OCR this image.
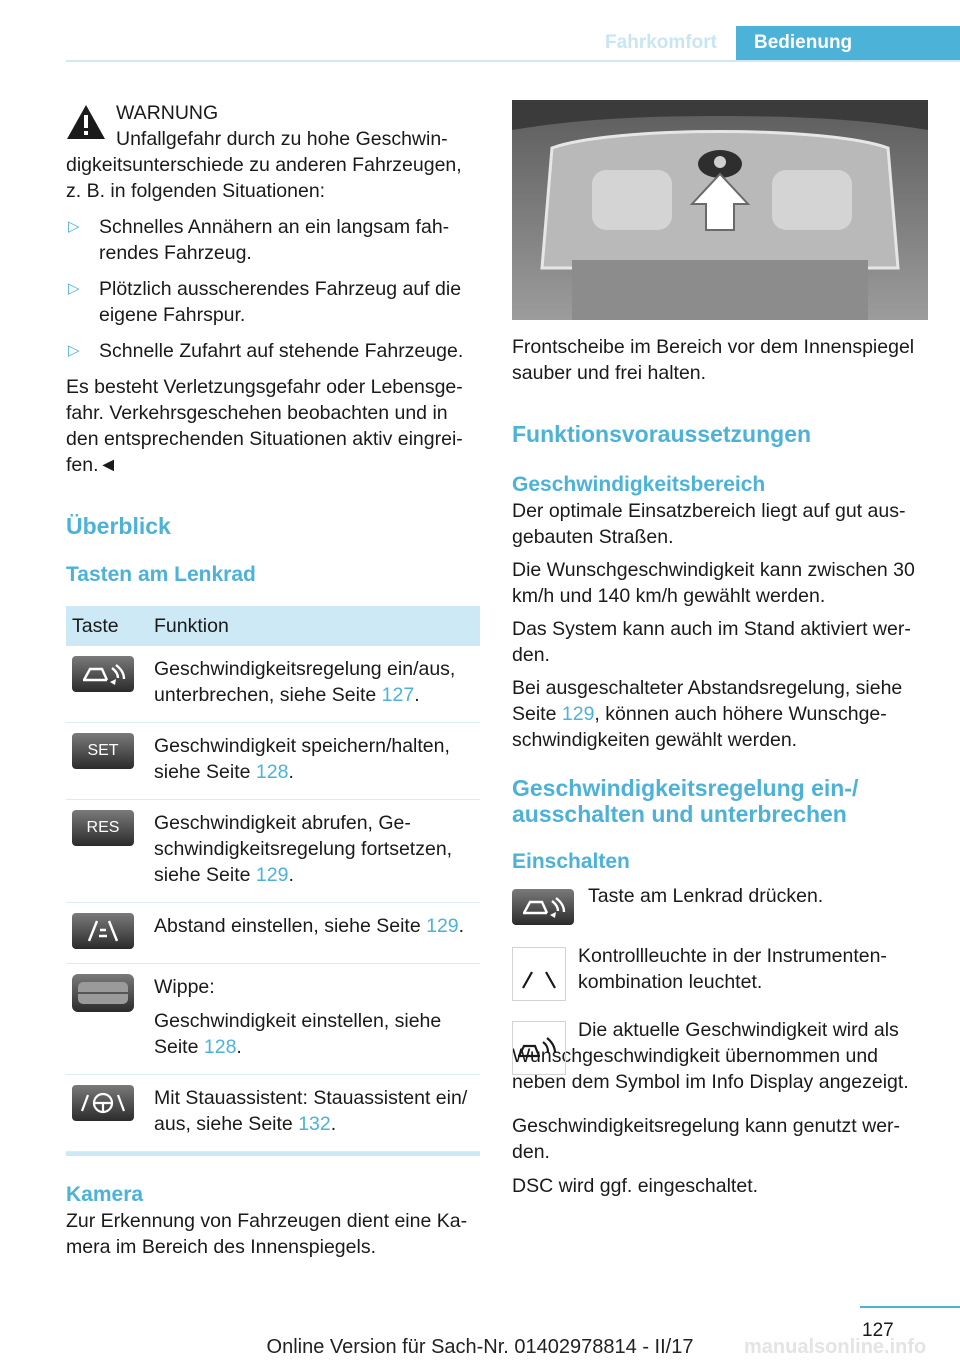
Fahrkomfort	Bedienung
WARNUNG

Unfallgefahr durch zu hohe Geschwin-digkeitsunterschiede zu anderen Fahrzeugen, z. B. in folgenden Situationen:

▷ Schnelles Annähern an ein langsam fah-rendes Fahrzeug.
▷ Plötzlich ausscherendes Fahrzeug auf die eigene Fahrspur.
▷ Schnelle Zufahrt auf stehende Fahrzeuge.

Es besteht Verletzungsgefahr oder Lebensge-fahr. Verkehrsgeschehen beobachten und in den entsprechenden Situationen aktiv eingrei-fen.◄

Überblick
Tasten am Lenkrad
Taste	Funktion

	Geschwindigkeitsregelung ein/aus, unterbrechen, siehe Seite 127.

SET	Geschwindigkeit speichern/halten, siehe Seite 128.

RES	Geschwindigkeit abrufen, Ge-schwindigkeitsregelung fortsetzen, siehe Seite 129.

	Abstand einstellen, siehe Seite 129.

Wippe:
Geschwindigkeit einstellen, siehe Seite 128.

	Mit Stauassistent: Stauassistent ein/ aus, siehe Seite 132.
Kamera

Zur Erkennung von Fahrzeugen dient eine Ka-mera im Bereich des Innenspiegels.

Frontscheibe im Bereich vor dem Innenspiegel sauber und frei halten.

Funktionsvoraussetzungen
Geschwindigkeitsbereich

Der optimale Einsatzbereich liegt auf gut aus-gebauten Straßen.

Die Wunschgeschwindigkeit kann zwischen 30 km/h und 140 km/h gewählt werden.

Das System kann auch im Stand aktiviert wer-den.

Bei ausgeschalteter Abstandsregelung, siehe Seite 129, können auch höhere Wunschge-schwindigkeiten gewählt werden.

Geschwindigkeitsregelung ein-/ ausschalten und unterbrechen
Einschalten

Taste am Lenkrad drücken.

Kontrollleuchte in der Instrumenten-kombination leuchtet.

Die aktuelle Geschwindigkeit wird als Wunschgeschwindigkeit übernommen und neben dem Symbol im Info Display angezeigt.

Geschwindigkeitsregelung kann genutzt wer-den.

DSC wird ggf. eingeschaltet.

127
Online Version für Sach-Nr. 01402978814 - II/17	manualsonline.info
